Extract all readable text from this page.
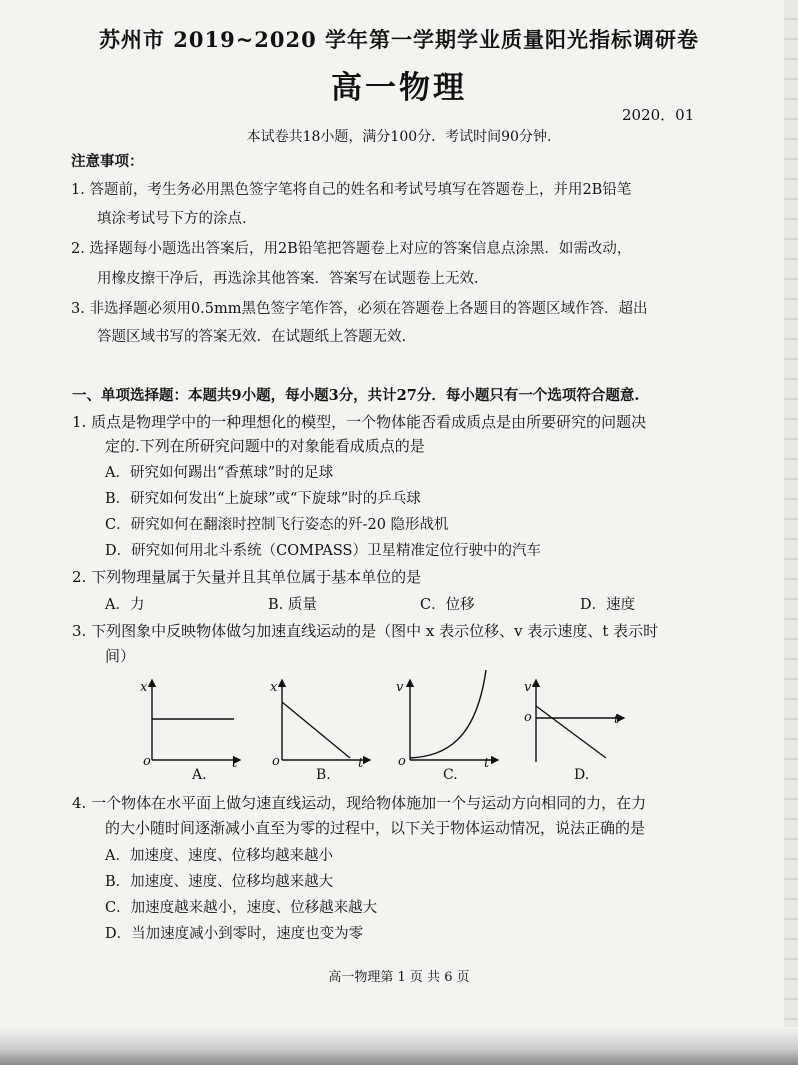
苏州市 2019~2020 学年第一学期学业质量阳光指标调研卷
高一物理
2020．01
本试卷共18小题，满分100分．考试时间90分钟.
注意事项：
1. 答题前，考生务必用黑色签字笔将自己的姓名和考试号填写在答题卷上，并用2B铅笔
填涂考试号下方的涂点.
2. 选择题每小题选出答案后，用2B铅笔把答题卷上对应的答案信息点涂黑．如需改动，
用橡皮擦干净后，再选涂其他答案．答案写在试题卷上无效.
3. 非选择题必须用0.5mm黑色签字笔作答，必须在答题卷上各题目的答题区域作答．超出
答题区域书写的答案无效．在试题纸上答题无效.
一、单项选择题：本题共9小题，每小题3分，共计27分．每小题只有一个选项符合题意.
1. 质点是物理学中的一种理想化的模型，一个物体能否看成质点是由所要研究的问题决
定的.下列在所研究问题中的对象能看成质点的是
A．研究如何踢出“香蕉球”时的足球
B．研究如何发出“上旋球”或“下旋球”时的乒乓球
C．研究如何在翻滚时控制飞行姿态的歼-20 隐形战机
D．研究如何用北斗系统（COMPASS）卫星精准定位行驶中的汽车
2. 下列物理量属于矢量并且其单位属于基本单位的是
A．力	B. 质量	C．位移	D．速度
3. 下列图象中反映物体做匀加速直线运动的是（图中 x 表示位移、v 表示速度、t 表示时
间）
x
t
o
A.
x
t
o
B.
v
t
o
C.
v
t
o
D.
4. 一个物体在水平面上做匀速直线运动，现给物体施加一个与运动方向相同的力，在力
的大小随时间逐渐减小直至为零的过程中，以下关于物体运动情况，说法正确的是
A．加速度、速度、位移均越来越小
B．加速度、速度、位移均越来越大
C．加速度越来越小，速度、位移越来越大
D．当加速度减小到零时，速度也变为零
高一物理第 1 页 共 6 页
